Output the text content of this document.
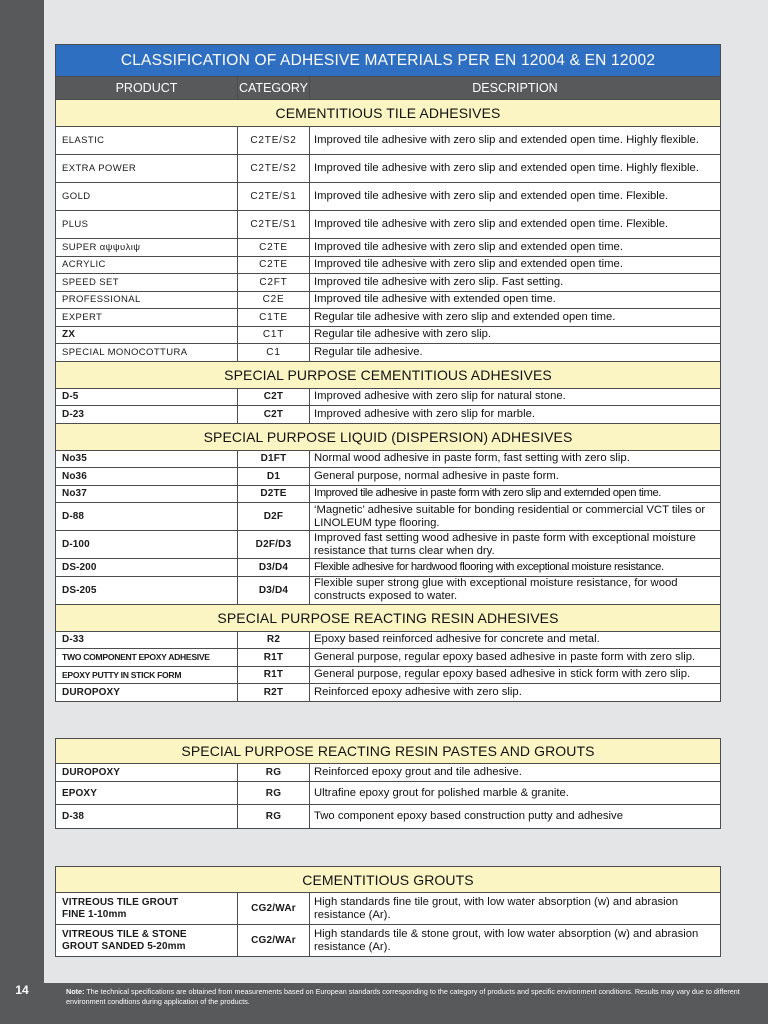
14	Note: The technical specifications are obtained from measurements based on European standards corresponding to the category of products and specific environment conditions. Results may vary due to different environment conditions during application of the products.
CLASSIFICATION OF ADHESIVE MATERIALS PER EN 12004 & EN 12002		
PRODUCT	CATEGORY	DESCRIPTION
CEMENTITIOUS TILE ADHESIVES		
ELASTIC	C2TE/S2	Improved tile adhesive with zero slip and extended open time. Highly flexible.
EXTRA POWER	C2TE/S2	Improved tile adhesive with zero slip and extended open time. Highly flexible.
GOLD	C2TE/S1	Improved tile adhesive with zero slip and extended open time. Flexible.
PLUS	C2TE/S1	Improved tile adhesive with zero slip and extended open time. Flexible.
SUPER αψψυλιψ	C2TE	Improved tile adhesive with zero slip and extended open time.
ACRYLIC	C2TE	Improved tile adhesive with zero slip and extended open time.
SPEED SET	C2FT	Improved tile adhesive with zero slip. Fast setting.
PROFESSIONAL	C2E	Improved tile adhesive with extended open time.
EXPERT	C1TE	Regular tile adhesive with zero slip and extended open time.
ZX	C1T	Regular tile adhesive with zero slip.
SPECIAL MONOCOTTURA	C1	Regular tile adhesive.
SPECIAL PURPOSE CEMENTITIOUS ADHESIVES		
D-5	C2T	Improved adhesive with zero slip for natural stone.
D-23	C2T	Improved adhesive with zero slip for marble.
SPECIAL PURPOSE LIQUID (DISPERSION) ADHESIVES		
No35	D1FT	Normal wood adhesive in paste form, fast setting with zero slip.
No36	D1	General purpose, normal adhesive in paste form.
No37	D2TE	Improved tile adhesive in paste form with zero slip and externded open time.
D-88	D2F	‘Magnetic’ adhesive suitable for bonding residential or commercial VCT tiles or LINOLEUM type flooring.
D-100	D2F/D3	Improved fast setting wood adhesive in paste form with exceptional moisture resistance that turns clear when dry.
DS-200	D3/D4	Flexible adhesive for hardwood flooring with exceptional moisture resistance.
DS-205	D3/D4	Flexible super strong glue with exceptional moisture resistance, for wood constructs exposed to water.
SPECIAL PURPOSE REACTING RESIN ADHESIVES		
D-33	R2	Epoxy based reinforced adhesive for concrete and metal.
TWO COMPONENT EPOXY ADHESIVE	R1T	General purpose, regular epoxy based adhesive in paste form with zero slip.
EPOXY PUTTY IN STICK FORM	R1T	General purpose, regular epoxy based adhesive in stick form with zero slip.
DUROPOXY	R2T	Reinforced epoxy adhesive with zero slip.
SPECIAL PURPOSE REACTING RESIN PASTES AND GROUTS		
DUROPOXY	RG	Reinforced epoxy grout and tile adhesive.
EPOXY	RG	Ultrafine epoxy grout for polished marble & granite.
D-38	RG	Two component epoxy based construction putty and adhesive
CEMENTITIOUS GROUTS		
VITREOUS TILE GROUT
FINE 1-10mm	CG2/WAr	High standards fine tile grout, with low water absorption (w) and abrasion resistance (Ar).
VITREOUS TILE & STONE
GROUT SANDED 5-20mm	CG2/WAr	High standards tile & stone grout, with low water absorption (w) and abrasion resistance (Ar).
